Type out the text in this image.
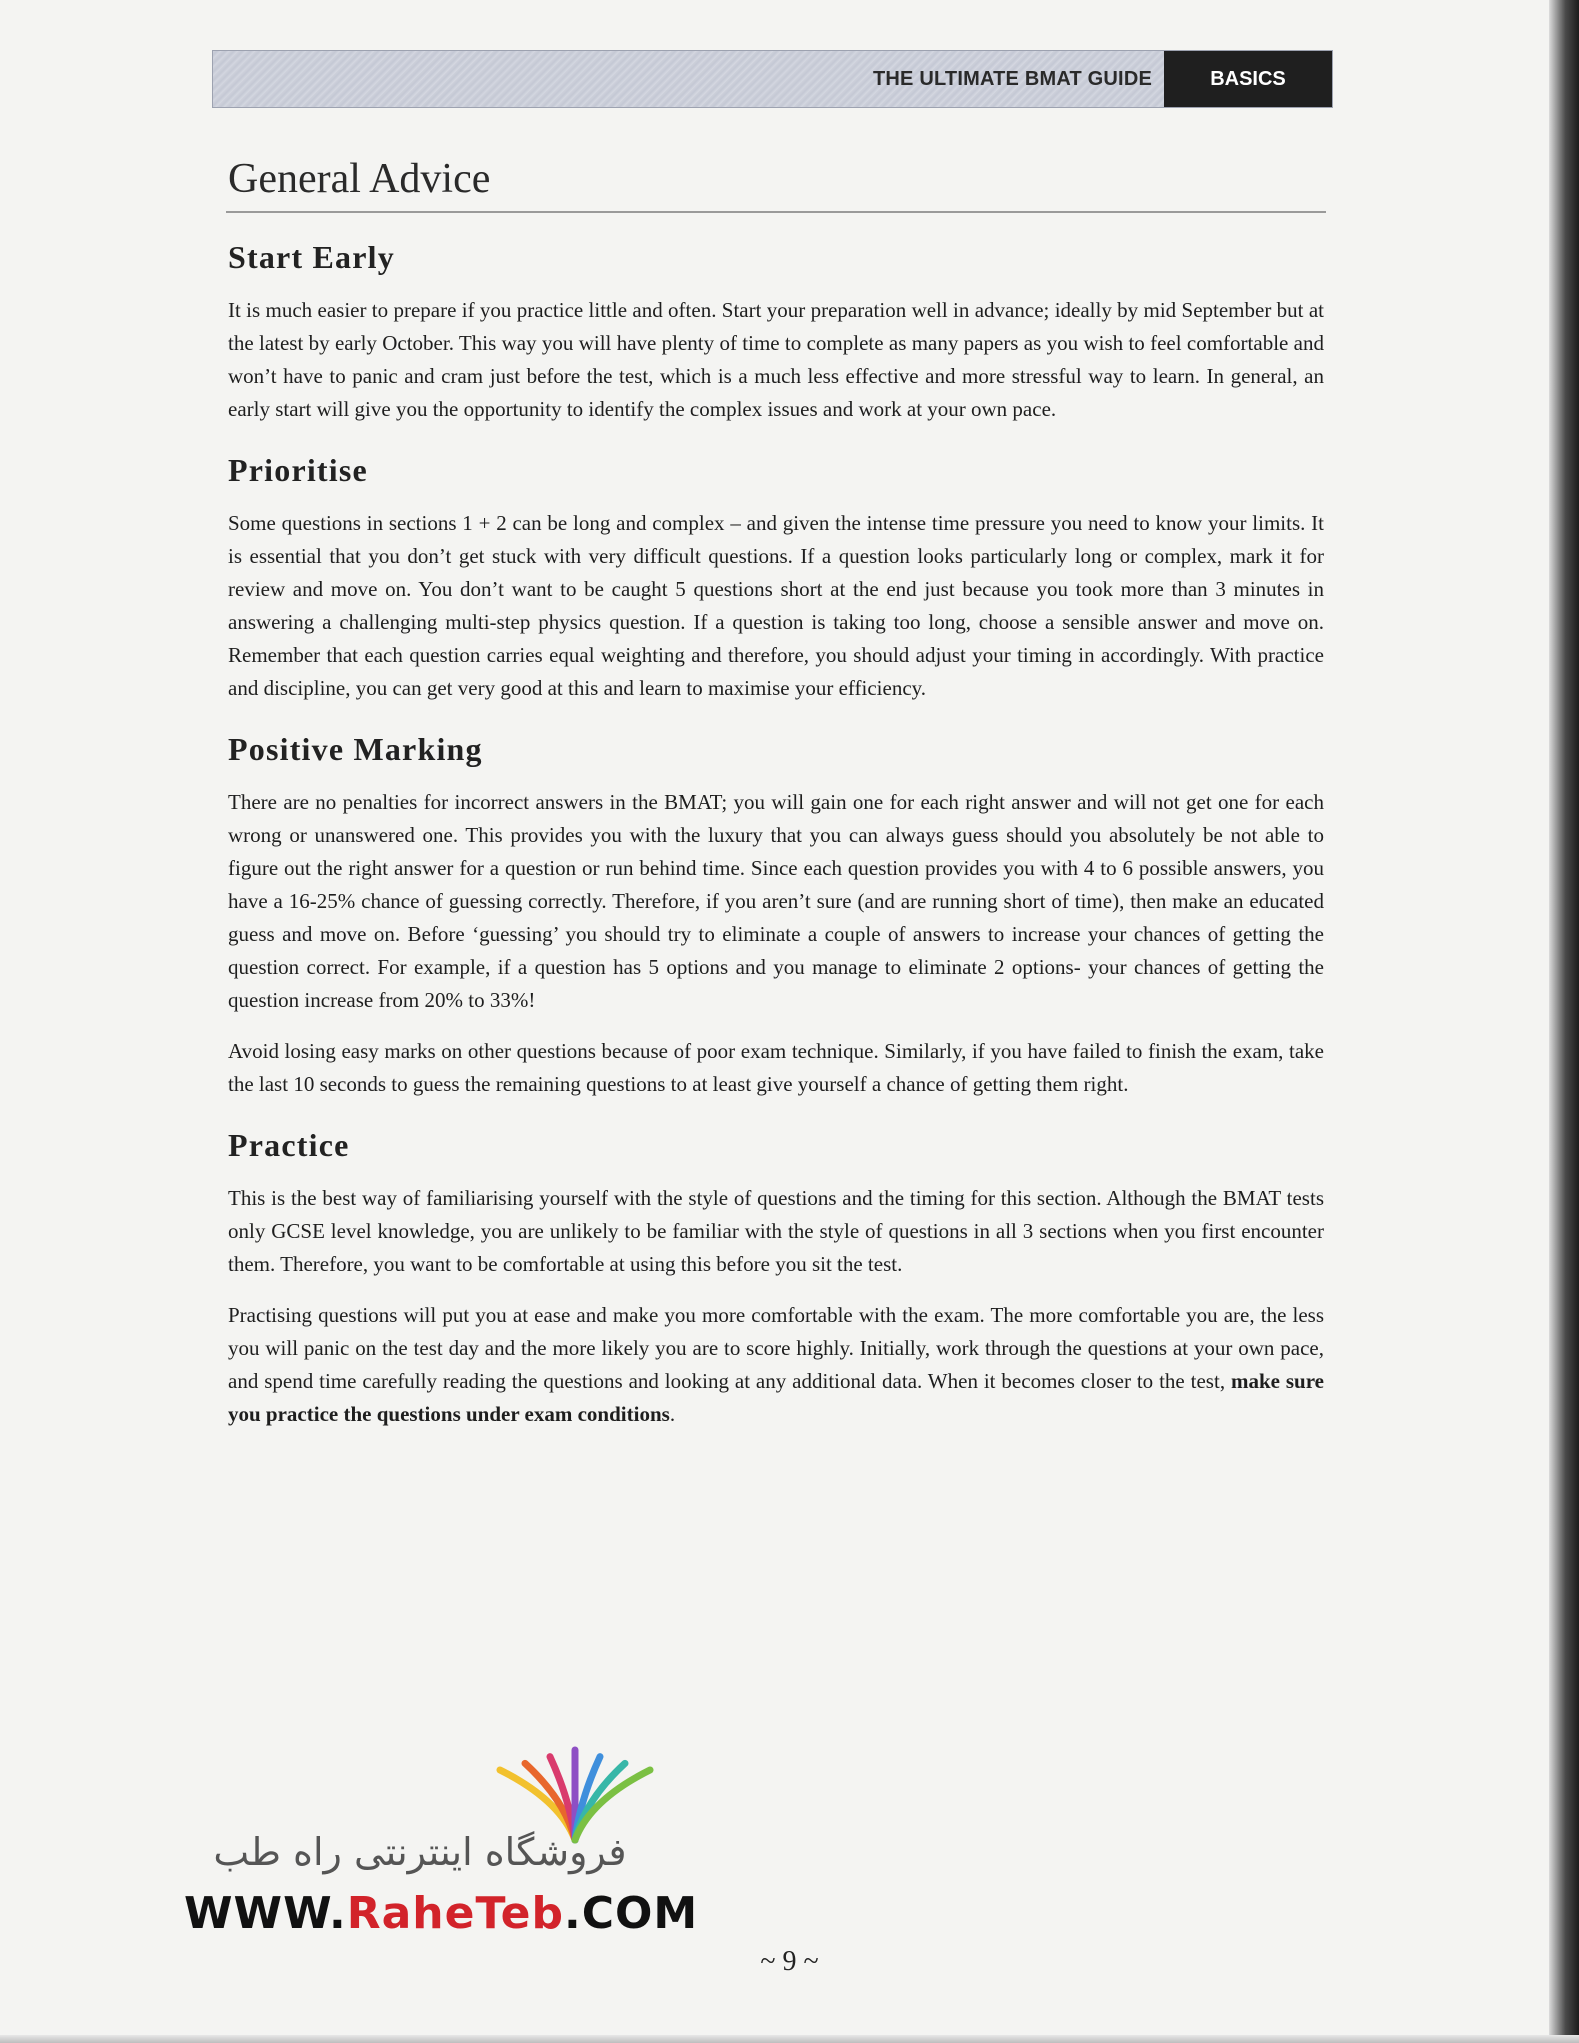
THE ULTIMATE BMAT GUIDE	BASICS
General Advice
Start Early

It is much easier to prepare if you practice little and often. Start your preparation well in advance; ideally by mid September but at the latest by early October. This way you will have plenty of time to complete as many papers as you wish to feel comfortable and won’t have to panic and cram just before the test, which is a much less effective and more stressful way to learn. In general, an early start will give you the opportunity to identify the complex issues and work at your own pace.

Prioritise

Some questions in sections 1 + 2 can be long and complex – and given the intense time pressure you need to know your limits. It is essential that you don’t get stuck with very difficult questions. If a question looks particularly long or complex, mark it for review and move on. You don’t want to be caught 5 questions short at the end just because you took more than 3 minutes in answering a challenging multi-step physics question. If a question is taking too long, choose a sensible answer and move on. Remember that each question carries equal weighting and therefore, you should adjust your timing in accordingly. With practice and discipline, you can get very good at this and learn to maximise your efficiency.

Positive Marking

There are no penalties for incorrect answers in the BMAT; you will gain one for each right answer and will not get one for each wrong or unanswered one. This provides you with the luxury that you can always guess should you absolutely be not able to figure out the right answer for a question or run behind time. Since each question provides you with 4 to 6 possible answers, you have a 16-25% chance of guessing correctly. Therefore, if you aren’t sure (and are running short of time), then make an educated guess and move on. Before ‘guessing’ you should try to eliminate a couple of answers to increase your chances of getting the question correct. For example, if a question has 5 options and you manage to eliminate 2 options- your chances of getting the question increase from 20% to 33%!

Avoid losing easy marks on other questions because of poor exam technique. Similarly, if you have failed to finish the exam, take the last 10 seconds to guess the remaining questions to at least give yourself a chance of getting them right.

Practice

This is the best way of familiarising yourself with the style of questions and the timing for this section. Although the BMAT tests only GCSE level knowledge, you are unlikely to be familiar with the style of questions in all 3 sections when you first encounter them. Therefore, you want to be comfortable at using this before you sit the test.

Practising questions will put you at ease and make you more comfortable with the exam. The more comfortable you are, the less you will panic on the test day and the more likely you are to score highly. Initially, work through the questions at your own pace, and spend time carefully reading the questions and looking at any additional data. When it becomes closer to the test, make sure you practice the questions under exam conditions.

فروشگاه اینترنتی راه طب
WWW.RaheTeb.COM
~ 9 ~
